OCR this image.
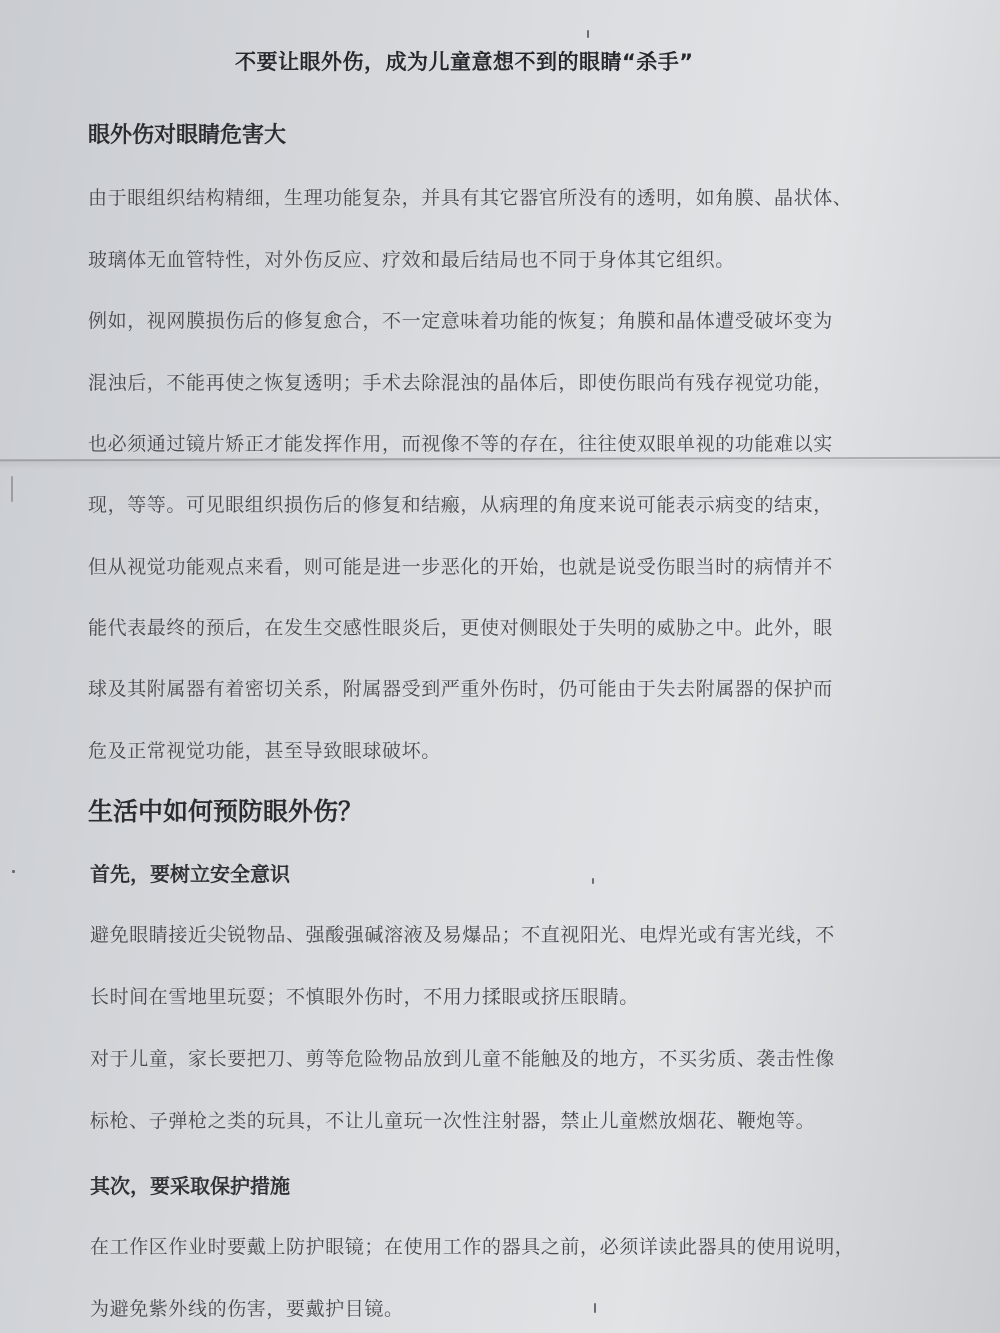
不要让眼外伤，成为儿童意想不到的眼睛“杀手”
眼外伤对眼睛危害大
由于眼组织结构精细，生理功能复杂，并具有其它器官所没有的透明，如角膜、晶状体、
玻璃体无血管特性，对外伤反应、疗效和最后结局也不同于身体其它组织。
例如，视网膜损伤后的修复愈合，不一定意味着功能的恢复；角膜和晶体遭受破坏变为
混浊后，不能再使之恢复透明；手术去除混浊的晶体后，即使伤眼尚有残存视觉功能，
也必须通过镜片矫正才能发挥作用，而视像不等的存在，往往使双眼单视的功能难以实
现，等等。可见眼组织损伤后的修复和结瘢，从病理的角度来说可能表示病变的结束，
但从视觉功能观点来看，则可能是进一步恶化的开始，也就是说受伤眼当时的病情并不
能代表最终的预后，在发生交感性眼炎后，更使对侧眼处于失明的威胁之中。此外，眼
球及其附属器有着密切关系，附属器受到严重外伤时，仍可能由于失去附属器的保护而
危及正常视觉功能，甚至导致眼球破坏。
生活中如何预防眼外伤？
首先，要树立安全意识
避免眼睛接近尖锐物品、强酸强碱溶液及易爆品；不直视阳光、电焊光或有害光线，不
长时间在雪地里玩耍；不慎眼外伤时，不用力揉眼或挤压眼睛。
对于儿童，家长要把刀、剪等危险物品放到儿童不能触及的地方，不买劣质、袭击性像
标枪、子弹枪之类的玩具，不让儿童玩一次性注射器，禁止儿童燃放烟花、鞭炮等。
其次，要采取保护措施
在工作区作业时要戴上防护眼镜；在使用工作的器具之前，必须详读此器具的使用说明，
为避免紫外线的伤害，要戴护目镜。
